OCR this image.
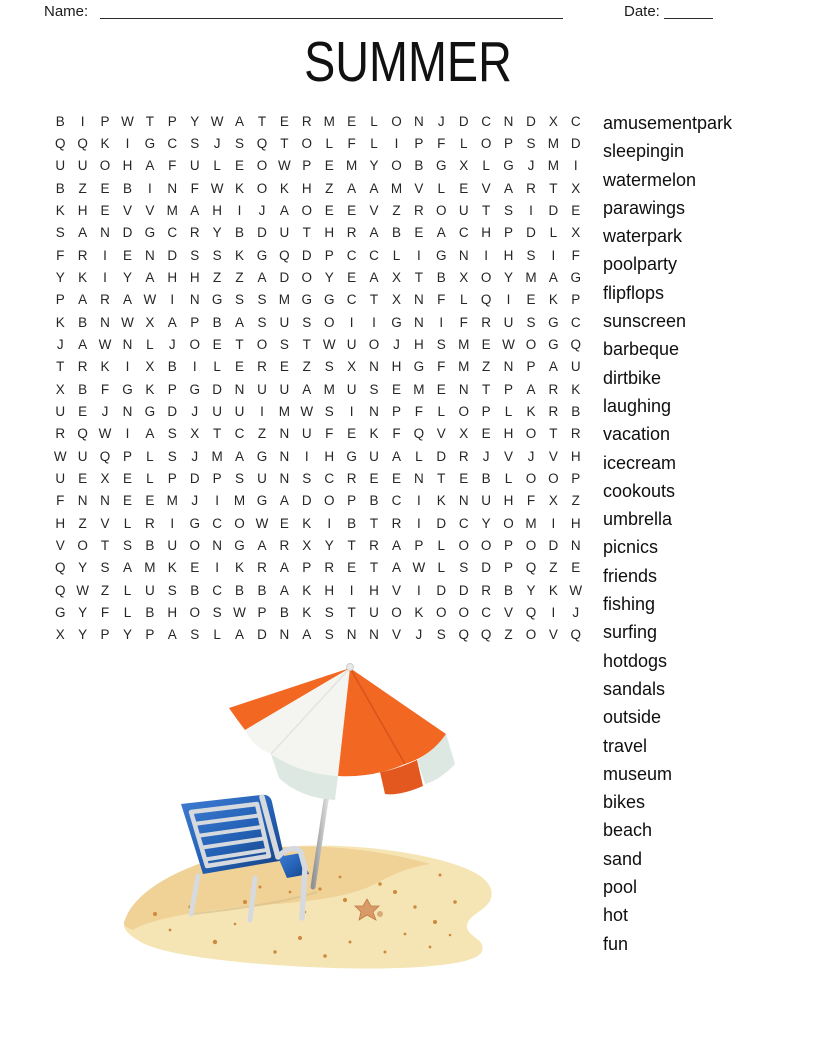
Name:	Date:
SUMMER
B	I	P W T	P Y W A	T	E R M E	L O N	J	D C N D X C
Q Q K	I	G C S	J	S Q T O L	F	L	I	P	F	L O P S M D
U U O H A	F U	L	E O W P E M Y O B G X	L G	J M	I
B	Z	E B	I	N F W K O K H Z	A A M V	L	E V A R T	X
K H E V V M A H	I	J	A O E E V	Z R O U T	S	I	D E
S A N D G C R Y B D U T H R A B E A C H P D	L	X
F R	I	E N D S S K G Q D P C C	L	I	G N	I	H S	I	F
Y K	I	Y A H H Z	Z	A D O Y E A X	T	B X O Y M A G
P A R A W	I	N G S S M G G C T	X N F	L Q	I	E K P
K B N W X A P B A S U S O	I	I	G N	I	F R U S G C
J	A W N	L	J	O E	T O S	T W U O	J	H S M E W O G Q
T R K	I	X B	I	L	E R E	Z	S X N H G F M Z N P A U
X B	F G K P G D N U U A M U S E M E N T	P A R K
U E	J	N G D	J	U U	I	M W S	I	N P	F	L O P	L	K R B
R Q W	I	A S X	T C Z N U F	E K	F Q V X E H O T R
W U Q P	L	S	J M A G N	I	H G U A	L	D R	J	V	J	V H
U E X E	L	P D P S U N S C R E E N T	E B	L O O P
F N N E E M J	I	M G A D O P B C	I	K N U H F	X	Z
H Z	V	L	R	I	G C O W E K	I	B	T R	I	D C Y O M	I	H
V O T	S B U O N G A R X Y	T R A P	L O O P O D N
Q Y S A M K E	I	K R A P R E	T	A W L	S D P Q Z	E
Q W Z	L	U S B C B B A K H	I	H V	I	D D R B Y K W
G Y	F	L	B H O S W P B K S	T U O K O O C V Q	I	J
X Y P Y P A S	L	A D N A S N N V	J	S Q Q Z O V Q
amusementpark
sleepingin
watermelon
parawings
waterpark
poolparty
flipflops
sunscreen
barbeque
dirtbike
laughing
vacation
icecream
cookouts
umbrella
picnics
friends
fishing
surfing
hotdogs
sandals
outside
travel
museum
bikes
beach
sand
pool
hot
fun
